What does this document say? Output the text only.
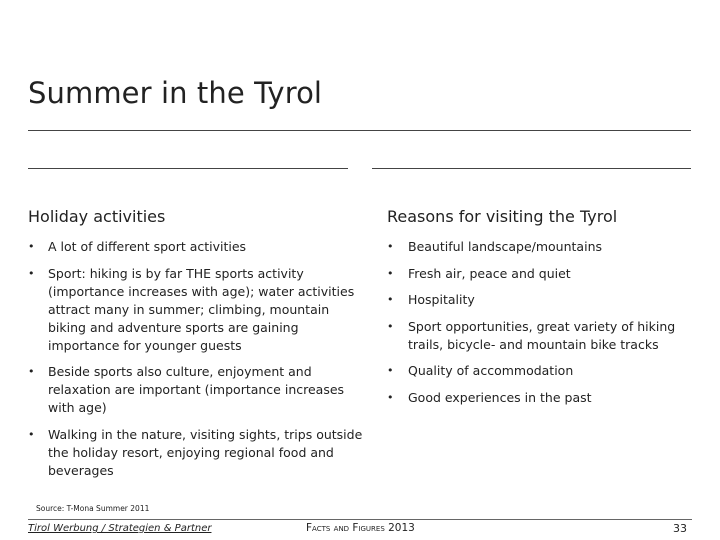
Summer in the Tyrol
Holiday activities
• A lot of different sport activities
• Sport: hiking is by far THE sports activity (importance increases with age); water activities attract many in summer; climbing, mountain biking and adventure sports are gaining importance for younger guests
• Beside sports also culture, enjoyment and relaxation are important (importance increases with age)
• Walking in the nature, visiting sights, trips outside the holiday resort, enjoying regional food and beverages
Reasons for visiting the Tyrol
• Beautiful landscape/mountains
• Fresh air, peace and quiet
• Hospitality
• Sport opportunities, great variety of hiking trails, bicycle- and mountain bike tracks
• Quality of accommodation
• Good experiences in the past
Source: T-Mona Summer 2011
Tirol Werbung / Strategien & Partner	Facts and Figures 2013	33
